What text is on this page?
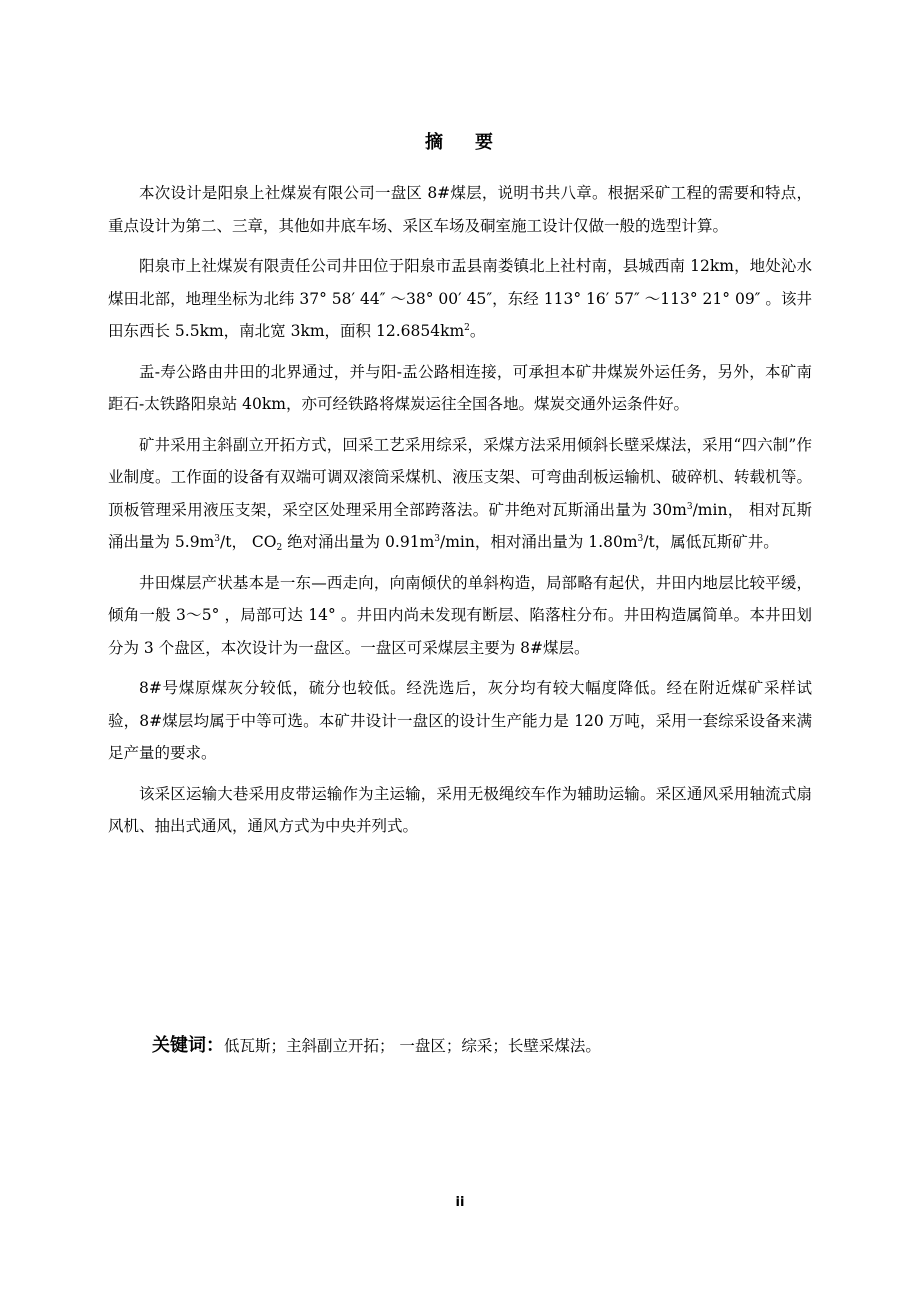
摘 要

本次设计是阳泉上社煤炭有限公司一盘区 8#煤层，说明书共八章。根据采矿工程的需要和特点，重点设计为第二、三章，其他如井底车场、采区车场及硐室施工设计仅做一般的选型计算。

阳泉市上社煤炭有限责任公司井田位于阳泉市盂县南娄镇北上社村南，县城西南 12km，地处沁水煤田北部，地理坐标为北纬 37° 58′ 44″ ～38° 00′ 45″，东经 113° 16′ 57″ ～113° 21° 09″ 。该井田东西长 5.5km，南北宽 3km，面积 $12.6854km^2$。

盂-寿公路由井田的北界通过，并与阳-盂公路相连接，可承担本矿井煤炭外运任务，另外，本矿南距石-太铁路阳泉站 40km，亦可经铁路将煤炭运往全国各地。煤炭交通外运条件好。

矿井采用主斜副立开拓方式，回采工艺采用综采，采煤方法采用倾斜长壁采煤法，采用“四六制”作业制度。工作面的设备有双端可调双滚筒采煤机、液压支架、可弯曲刮板运输机、破碎机、转载机等。顶板管理采用液压支架，采空区处理采用全部跨落法。矿井绝对瓦斯涌出量为 $30m^3/\min$， 相对瓦斯涌出量为 $5.9m^3/t$， $CO_2$ 绝对涌出量为 $0.91m^3/\min$，相对涌出量为 $1.80m^3/t$，属低瓦斯矿井。

井田煤层产状基本是一东—西走向，向南倾伏的单斜构造，局部略有起伏，井田内地层比较平缓，倾角一般 3～5° ，局部可达 14° 。井田内尚未发现有断层、陷落柱分布。井田构造属简单。本井田划分为 3 个盘区，本次设计为一盘区。一盘区可采煤层主要为 8#煤层。

8#号煤原煤灰分较低，硫分也较低。经洗选后，灰分均有较大幅度降低。经在附近煤矿采样试验，8#煤层均属于中等可选。本矿井设计一盘区的设计生产能力是 120 万吨，采用一套综采设备来满足产量的要求。

该采区运输大巷采用皮带运输作为主运输，采用无极绳绞车作为辅助运输。采区通风采用轴流式扇风机、抽出式通风，通风方式为中央并列式。

关键词：低瓦斯；主斜副立开拓； 一盘区；综采；长壁采煤法。
ii
